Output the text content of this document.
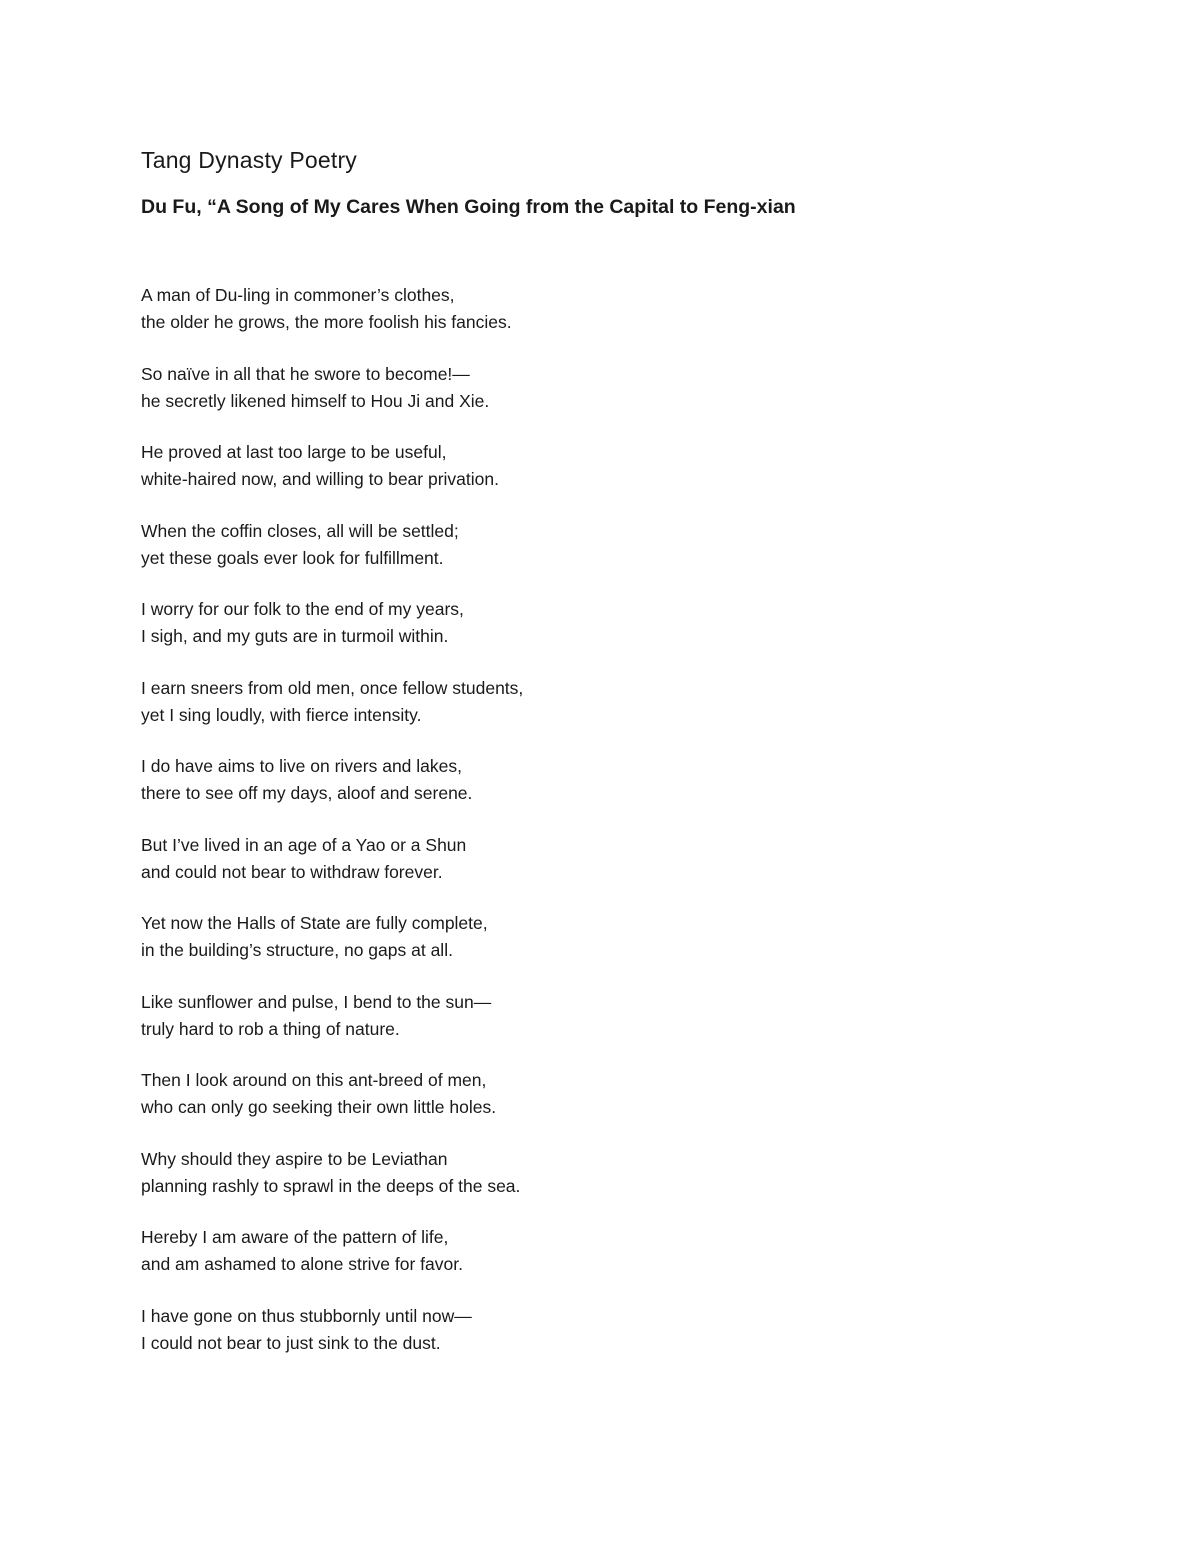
Tang Dynasty Poetry
Du Fu, “A Song of My Cares When Going from the Capital to Feng-xian
A man of Du-ling in commoner’s clothes,
the older he grows, the more foolish his fancies.
So naïve in all that he swore to become!—
he secretly likened himself to Hou Ji and Xie.
He proved at last too large to be useful,
white-haired now, and willing to bear privation.
When the coffin closes, all will be settled;
yet these goals ever look for fulfillment.
I worry for our folk to the end of my years,
I sigh, and my guts are in turmoil within.
I earn sneers from old men, once fellow students,
yet I sing loudly, with fierce intensity.
I do have aims to live on rivers and lakes,
there to see off my days, aloof and serene.
But I’ve lived in an age of a Yao or a Shun
and could not bear to withdraw forever.
Yet now the Halls of State are fully complete,
in the building’s structure, no gaps at all.
Like sunflower and pulse, I bend to the sun—
truly hard to rob a thing of nature.
Then I look around on this ant-breed of men,
who can only go seeking their own little holes.
Why should they aspire to be Leviathan
planning rashly to sprawl in the deeps of the sea.
Hereby I am aware of the pattern of life,
and am ashamed to alone strive for favor.
I have gone on thus stubbornly until now—
I could not bear to just sink to the dust.
